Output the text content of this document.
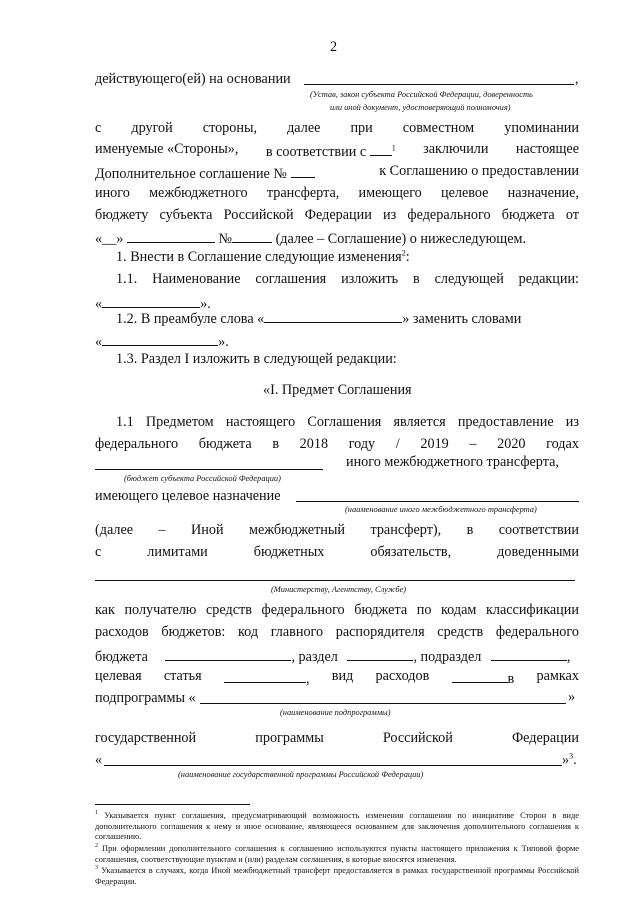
2
действующего(ей) на основании	,
(Устав, закон субъекта Российской Федерации, доверенность
или иной документ, удостоверяющий полномочия)
с другой стороны, далее при совместном упоминании
именуемые «Стороны», в соответствии с	$^1$ заключили настоящее
Дополнительное соглашение №	к Соглашению о предоставлении
иного межбюджетного трансферта, имеющего целевое назначение,
бюджету субъекта Российской Федерации из федерального бюджета от
«__»	№	(далее – Соглашение) о нижеследующем.
1. Внести в Соглашение следующие изменения$^2$:
1.1. Наименование соглашения изложить в следующей редакции:
«	».
1.2. В преамбуле слова «	» заменить словами
«	».
1.3. Раздел I изложить в следующей редакции:
«I. Предмет Соглашения
1.1 Предметом настоящего Соглашения является предоставление из
федерального бюджета в 2018 году / 2019 – 2020 годах
иного межбюджетного трансферта,
(бюджет субъекта Российской Федерации)
имеющего целевое назначение
(наименование иного межбюджетного трансферта)
(далее – Иной межбюджетный трансферт), в соответствии
с	лимитами	бюджетных	обязательств,	доведенными
(Министерству, Агентству, Службе)
как получателю средств федерального бюджета по кодам классификации
расходов бюджетов: код главного распорядителя средств федерального
бюджета	, раздел	, подраздел	,
целевая статья	, вид расходов	в рамках
подпрограммы «	»
(наименование подпрограммы)
государственной	программы	Российской	Федерации
«	»$^3$.
(наименование государственной программы Российской Федерации)
$^1$ Указывается пункт соглашения, предусматривающий возможность изменения соглашения по инициативе Сторон в виде дополнительного соглашения к нему и иное основание, являющееся основанием для заключения дополнительного соглашения к соглашению.
$^2$ При оформлении дополнительного соглашения к соглашению используются пункты настоящего приложения к Типовой форме соглашения, соответствующие пунктам и (или) разделам соглашения, в которые вносятся изменения.
$^3$ Указывается в случаях, когда Иной межбюджетный трансферт предоставляется в рамках государственной программы Российской Федерации.
